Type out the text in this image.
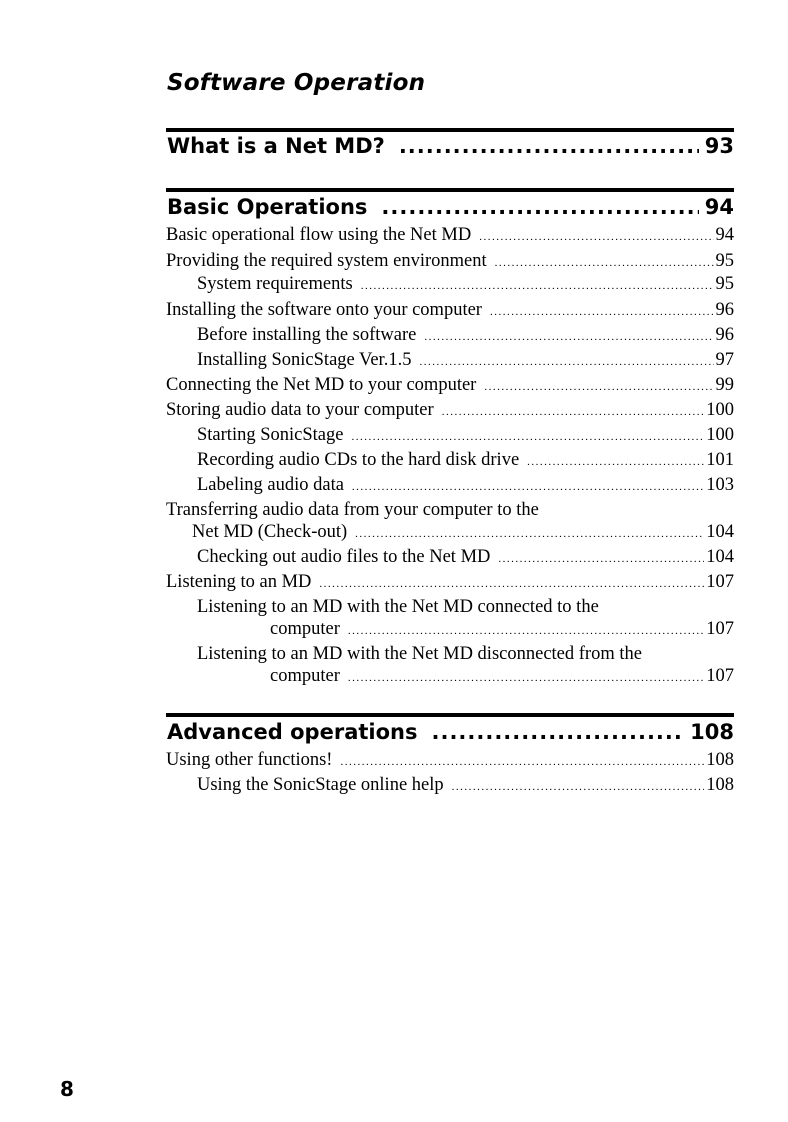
Software Operation
What is a Net MD? .....	93
Basic Operations .....	94
Basic operational flow using the Net MD .....	94
Providing the required system environment .....	95
System requirements .....	95
Installing the software onto your computer .....	96
Before installing the software .....	96
Installing SonicStage Ver.1.5 .....	97
Connecting the Net MD to your computer .....	99
Storing audio data to your computer .....	100
Starting SonicStage .....	100
Recording audio CDs to the hard disk drive .....	101
Labeling audio data .....	103
Transferring audio data from your computer to the
Net MD (Check-out) .....	104
Checking out audio files to the Net MD .....	104
Listening to an MD .....	107
Listening to an MD with the Net MD connected to the
computer .....	107
Listening to an MD with the Net MD disconnected from the
computer .....	107
Advanced operations .....	108
Using other functions! .....	108
Using the SonicStage online help .....	108
8
